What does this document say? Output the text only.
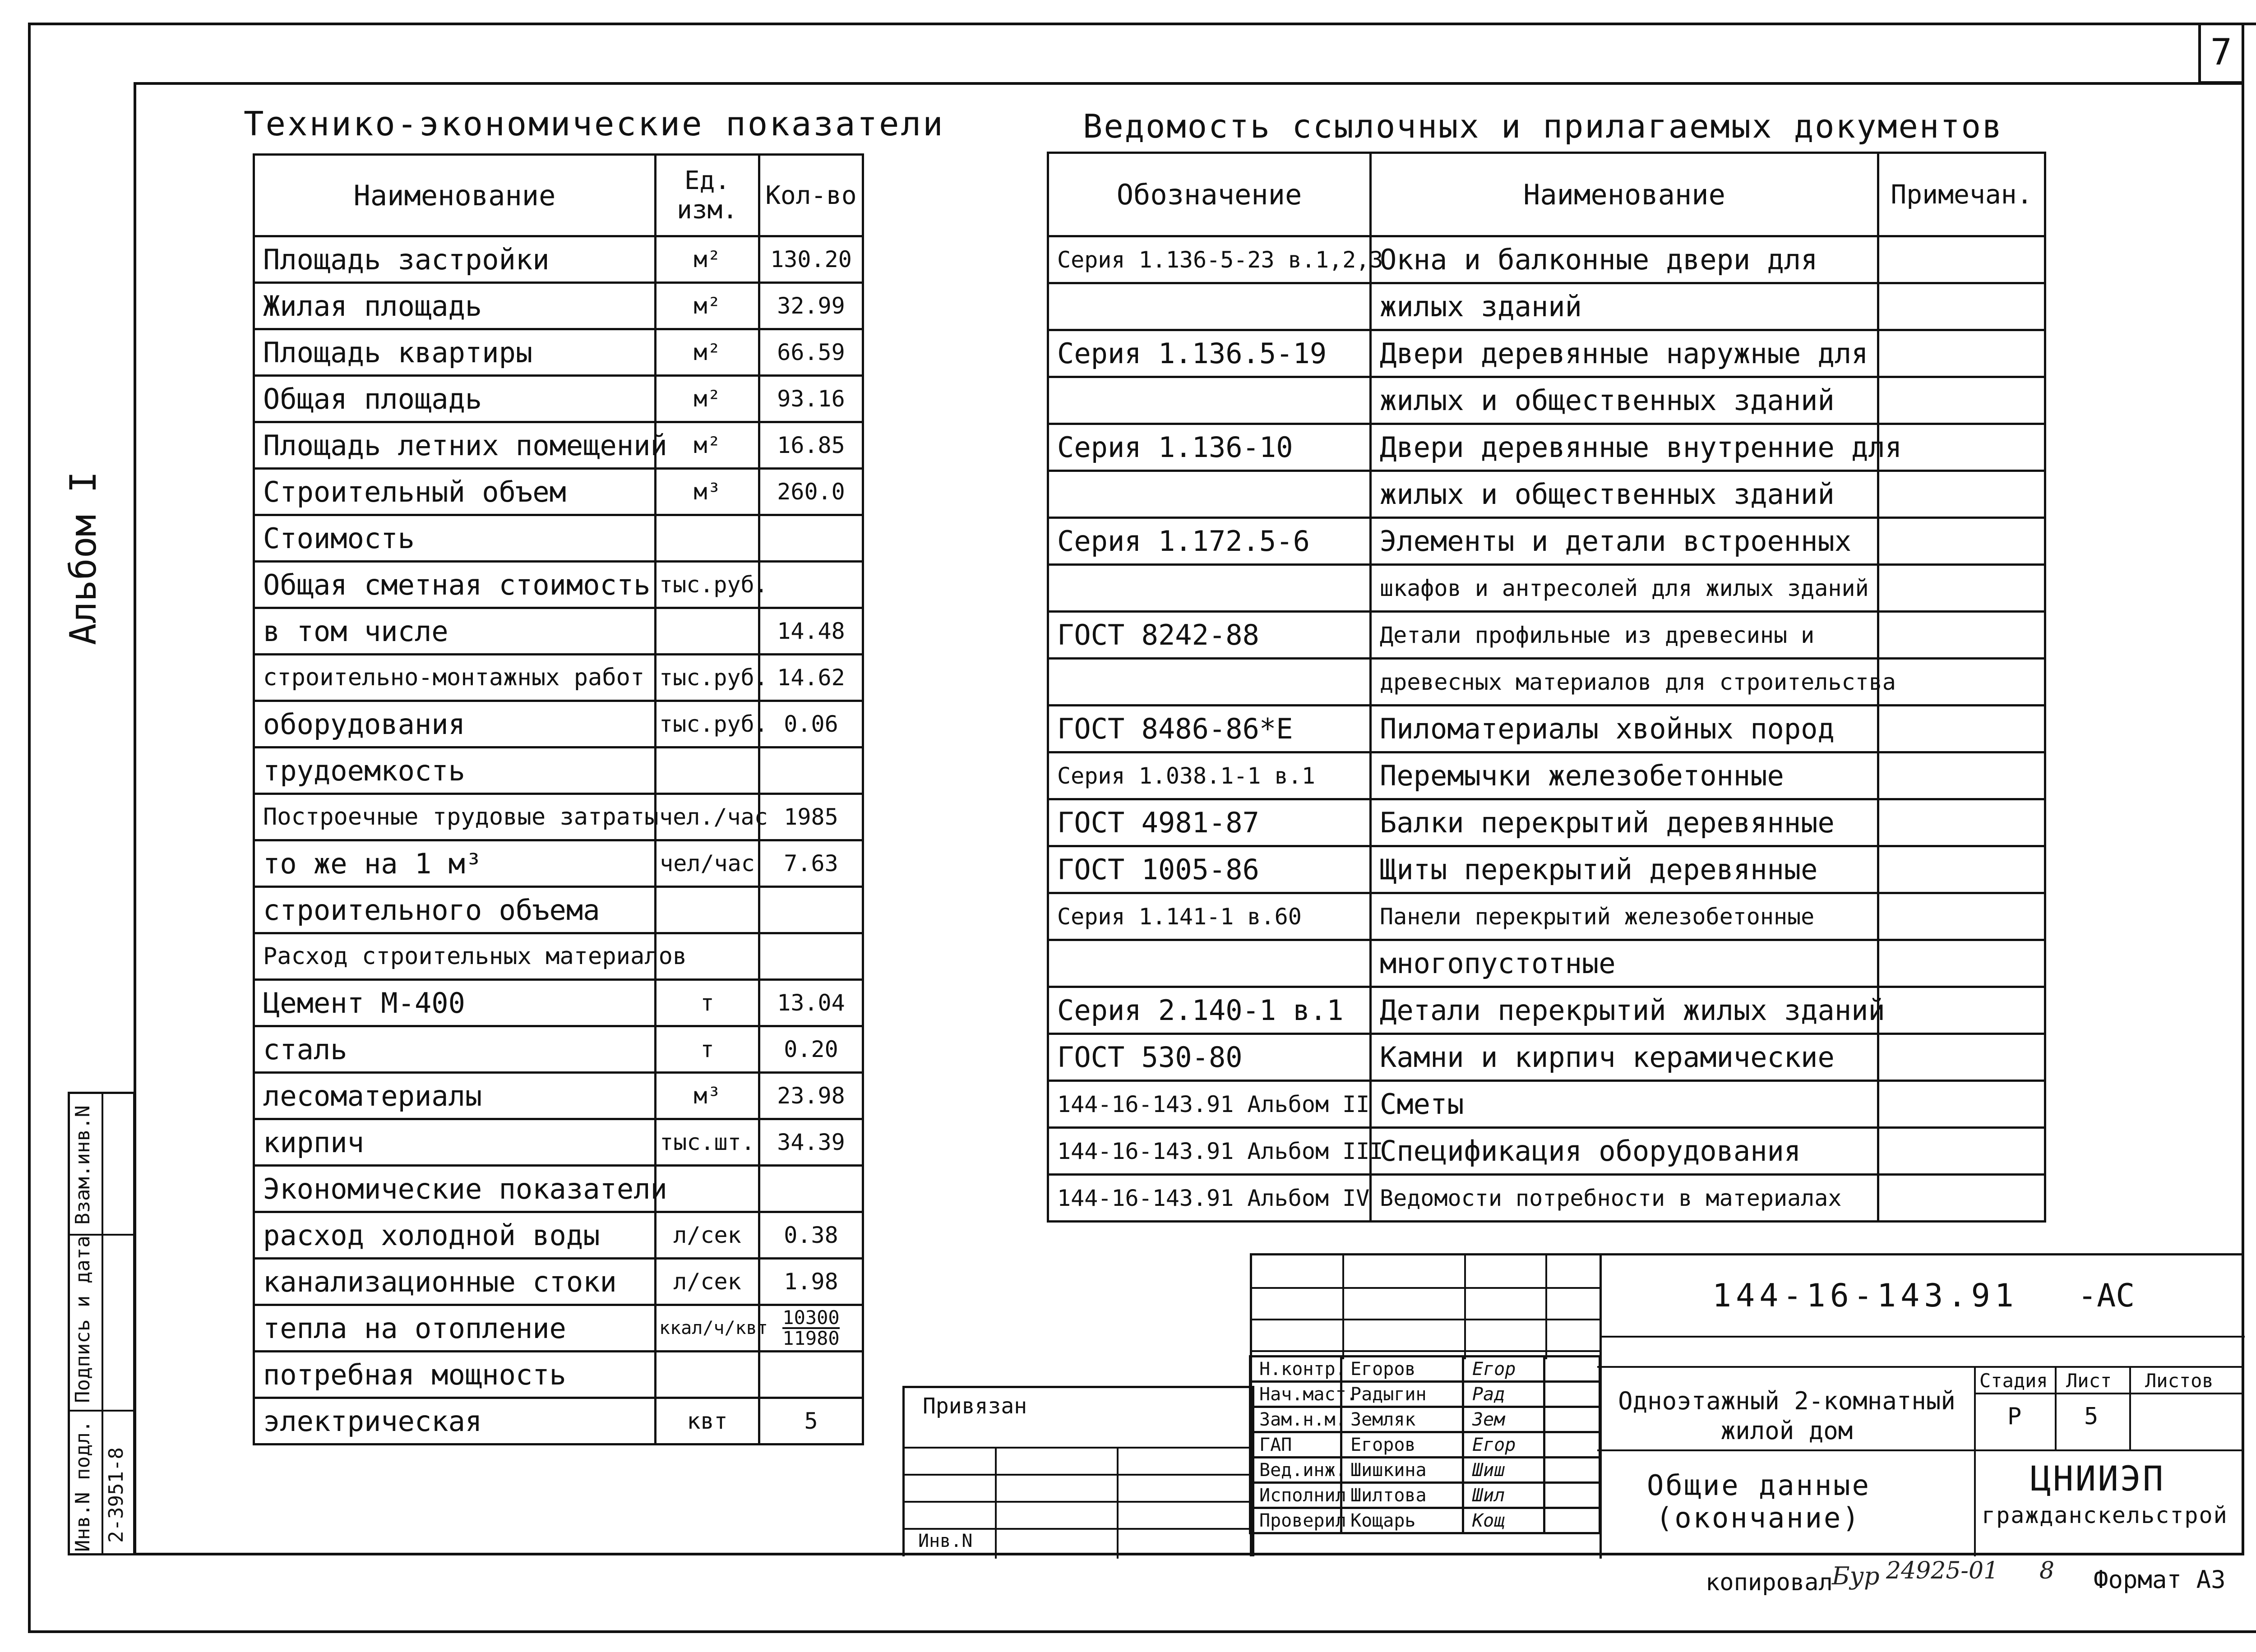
7
Альбом I
Технико-экономические показатели
Наименование	Ед. изм.	Кол-во
Площадь застройки	м²	130.20
Жилая площадь	м²	32.99
Площадь квартиры	м²	66.59
Общая площадь	м²	93.16
Площадь летних помещений	м²	16.85
Строительный объем	м³	260.0
Стоимость		
Общая сметная стоимость	тыс.руб.	
в том числе		14.48
строительно-монтажных работ	тыс.руб.	14.62
оборудования	тыс.руб.	0.06
трудоемкость		
Построечные трудовые затраты	чел./час	1985
то же на 1 м³	чел/час	7.63
строительного объема		
Расход строительных материалов		
Цемент М-400	т	13.04
сталь	т	0.20
лесоматериалы	м³	23.98
кирпич	тыс.шт.	34.39
Экономические показатели		
расход холодной воды	л/сек	0.38
канализационные стоки	л/сек	1.98
тепла на отопление	ккал/ч/квт	$\frac{10300}{11980}$

потребная мощность		
электрическая	квт	5
Ведомость ссылочных и прилагаемых документов
Обозначение	Наименование	Примечан.
Серия 1.136-5-23 в.1,2,3	Окна и балконные двери для	
	жилых зданий	
Серия 1.136.5-19	Двери деревянные наружные для	
	жилых и общественных зданий	
Серия 1.136-10	Двери деревянные внутренние для	
	жилых и общественных зданий	
Серия 1.172.5-6	Элементы и детали встроенных	
	шкафов и антресолей для жилых зданий	
ГОСТ 8242-88	Детали профильные из древесины и	
	древесных материалов для строительства	
ГОСТ 8486-86*Е	Пиломатериалы хвойных пород	
Серия 1.038.1-1 в.1	Перемычки железобетонные	
ГОСТ 4981-87	Балки перекрытий деревянные	
ГОСТ 1005-86	Щиты перекрытий деревянные	
Серия 1.141-1 в.60	Панели перекрытий железобетонные	
	многопустотные	
Серия 2.140-1 в.1	Детали перекрытий жилых зданий	
ГОСТ 530-80	Камни и кирпич керамические	
144-16-143.91 Альбом II	Сметы	
144-16-143.91 Альбом III	Спецификация оборудования	
144-16-143.91 Альбом IV	Ведомости потребности в материалах	
Взам.инв.N
Подпись и дата
Инв.N подл. 2-3951-8
Привязан
Инв.N
144-16-143.91 -АС
Н.контр.	Егоров	Егор	
Нач.маст.	Радыгин	Рад	
Зам.н.м.	Земляк	Зем	
ГАП	Егоров	Егор	
Вед.инж.	Шишкина	Шиш	
Исполнил	Шилтова	Шил	
Проверил	Кощарь	Кощ	
Одноэтажный 2-комнатный жилой дом
Общие данные
(окончание)
Стадия Лист Листов
Р	5
ЦНИИЭП
гражданскельстрой
копировал
Бур 24925-01 8 Формат А3
